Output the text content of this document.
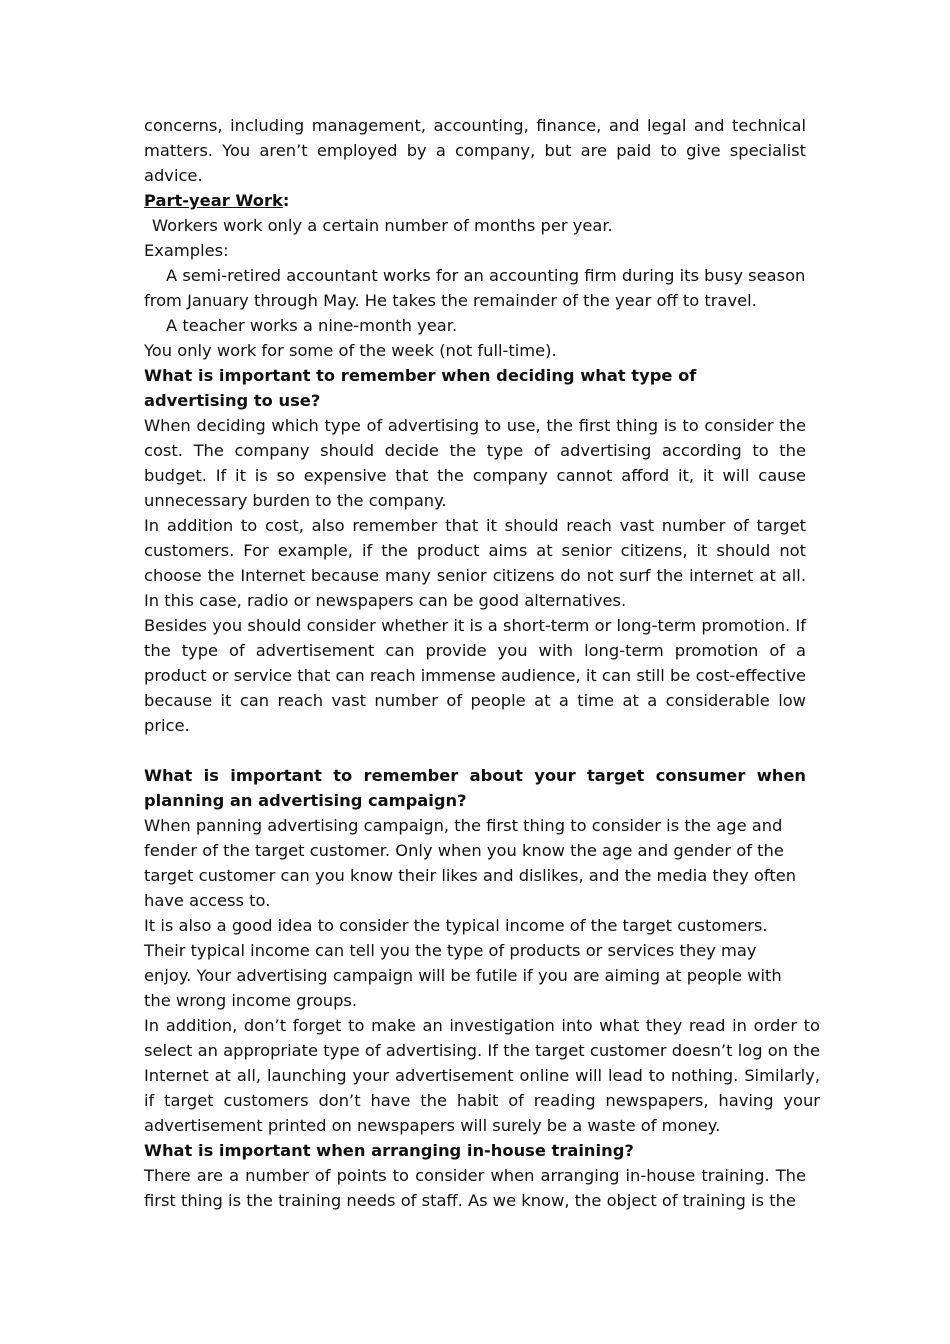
concerns, including management, accounting, finance, and legal and technical matters. You aren’t employed by a company, but are paid to give specialist advice.

Part-year Work:

Workers work only a certain number of months per year.

Examples:

A semi-retired accountant works for an accounting firm during its busy season from January through May. He takes the remainder of the year off to travel.

A teacher works a nine-month year.

You only work for some of the week (not full-time).

What is important to remember when deciding what type of advertising to use?

When deciding which type of advertising to use, the first thing is to consider the cost. The company should decide the type of advertising according to the budget. If it is so expensive that the company cannot afford it, it will cause unnecessary burden to the company.

In addition to cost, also remember that it should reach vast number of target customers. For example, if the product aims at senior citizens, it should not choose the Internet because many senior citizens do not surf the internet at all. In this case, radio or newspapers can be good alternatives.

Besides you should consider whether it is a short-term or long-term promotion. If the type of advertisement can provide you with long-term promotion of a product or service that can reach immense audience, it can still be cost-effective because it can reach vast number of people at a time at a considerable low price.

What is important to remember about your target consumer when planning an advertising campaign?

When panning advertising campaign, the first thing to consider is the age and fender of the target customer. Only when you know the age and gender of the target customer can you know their likes and dislikes, and the media they often have access to.

It is also a good idea to consider the typical income of the target customers. Their typical income can tell you the type of products or services they may enjoy. Your advertising campaign will be futile if you are aiming at people with the wrong income groups.

In addition, don’t forget to make an investigation into what they read in order to select an appropriate type of advertising. If the target customer doesn’t log on the Internet at all, launching your advertisement online will lead to nothing. Similarly, if target customers don’t have the habit of reading newspapers, having your advertisement printed on newspapers will surely be a waste of money.

What is important when arranging in-house training?

There are a number of points to consider when arranging in-house training. The first thing is the training needs of staff. As we know, the object of training is the
